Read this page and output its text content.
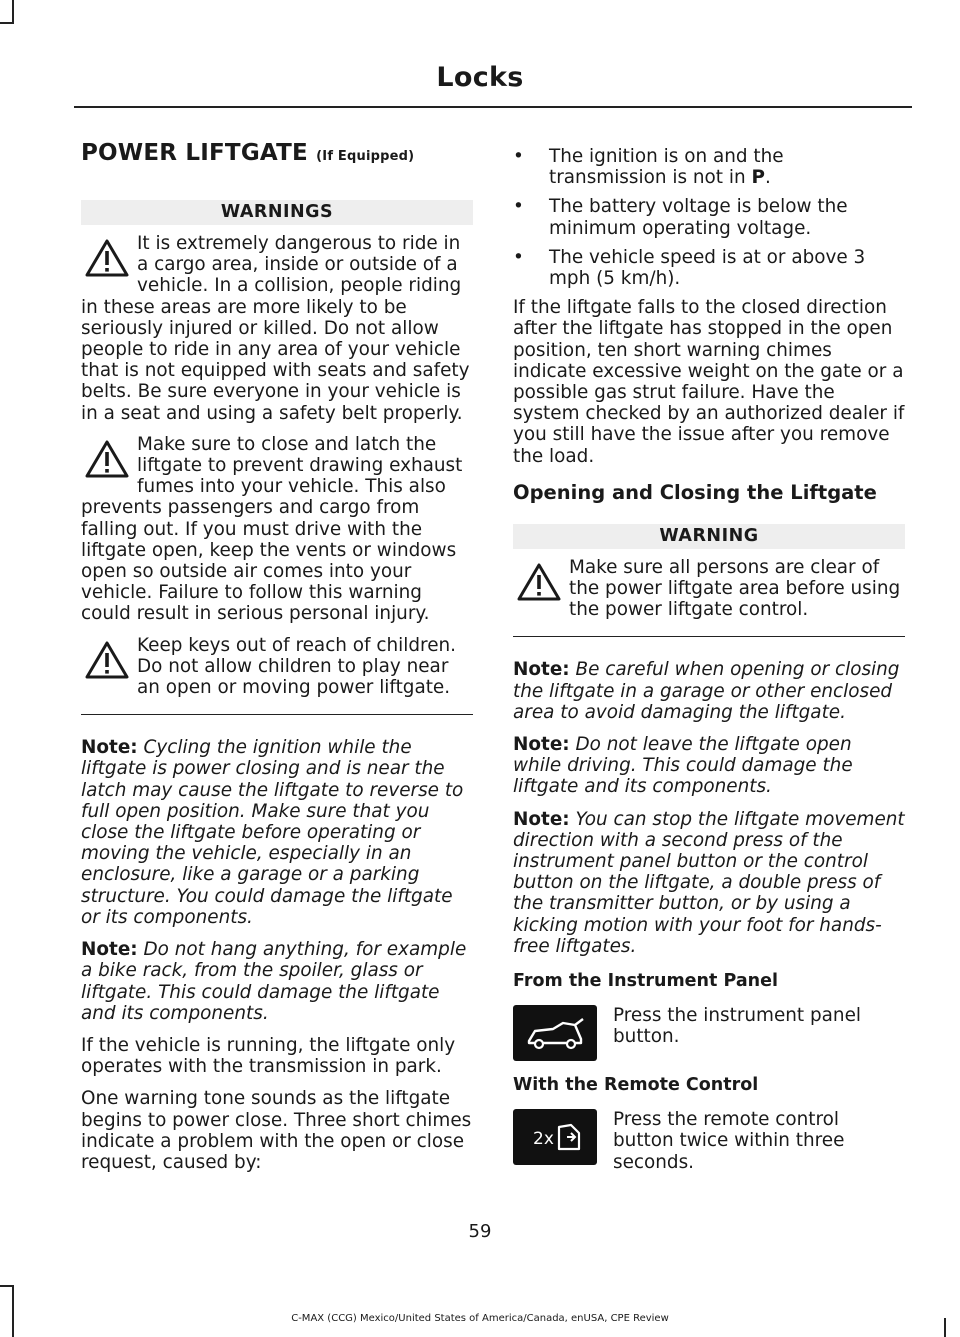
Locks
POWER LIFTGATE (If Equipped)
WARNINGS

It is extremely dangerous to ride in a cargo area, inside or outside of a vehicle. In a collision, people riding in these areas are more likely to be seriously injured or killed. Do not allow people to ride in any area of your vehicle that is not equipped with seats and safety belts. Be sure everyone in your vehicle is in a seat and using a safety belt properly.

Make sure to close and latch the liftgate to prevent drawing exhaust fumes into your vehicle. This also prevents passengers and cargo from falling out. If you must drive with the liftgate open, keep the vents or windows open so outside air comes into your vehicle. Failure to follow this warning could result in serious personal injury.

Keep keys out of reach of children. Do not allow children to play near an open or moving power liftgate.

Note: Cycling the ignition while the liftgate is power closing and is near the latch may cause the liftgate to reverse to full open position. Make sure that you close the liftgate before operating or moving the vehicle, especially in an enclosure, like a garage or a parking structure. You could damage the liftgate or its components.

Note: Do not hang anything, for example a bike rack, from the spoiler, glass or liftgate. This could damage the liftgate and its components.

If the vehicle is running, the liftgate only operates with the transmission in park.

One warning tone sounds as the liftgate begins to power close. Three short chimes indicate a problem with the open or close request, caused by:

• The ignition is on and the transmission is not in P.
• The battery voltage is below the minimum operating voltage.
• The vehicle speed is at or above 3 mph (5 km/h).

If the liftgate falls to the closed direction after the liftgate has stopped in the open position, ten short warning chimes indicate excessive weight on the gate or a possible gas strut failure. Have the system checked by an authorized dealer if you still have the issue after you remove the load.

Opening and Closing the Liftgate
WARNING

Make sure all persons are clear of the power liftgate area before using the power liftgate control.

Note: Be careful when opening or closing the liftgate in a garage or other enclosed area to avoid damaging the liftgate.

Note: Do not leave the liftgate open while driving. This could damage the liftgate and its components.

Note: You can stop the liftgate movement direction with a second press of the instrument panel button or the control button on the liftgate, a double press of the transmitter button, or by using a kicking motion with your foot for hands-free liftgates.

From the Instrument Panel

Press the instrument panel button.

With the Remote Control
2x

Press the remote control button twice within three seconds.

59
C-MAX (CCG) Mexico/United States of America/Canada, enUSA, CPE Review
